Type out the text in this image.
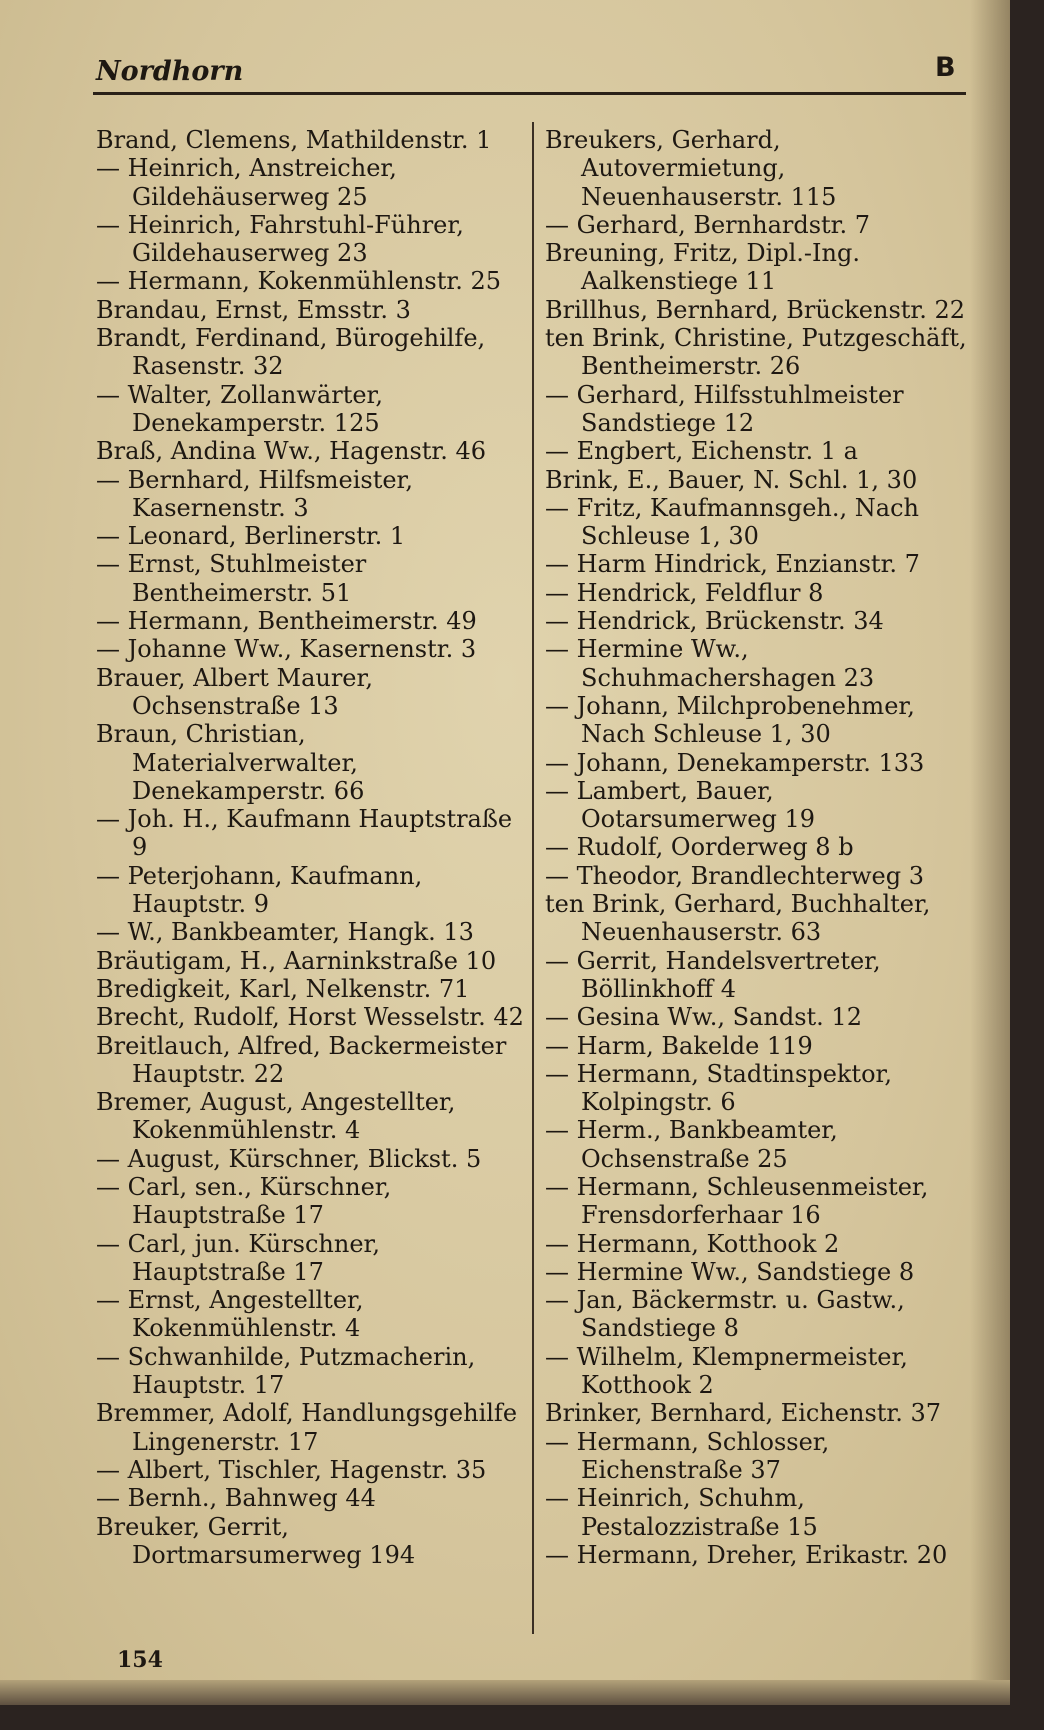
Nordhorn	B
Brand, Clemens, Mathildenstr. 1
— Heinrich, Anstreicher, Gildehäuserweg 25
— Heinrich, Fahrstuhl-Führer, Gildehauserweg 23
— Hermann, Kokenmühlenstr. 25
Brandau, Ernst, Emsstr. 3
Brandt, Ferdinand, Bürogehilfe, Rasenstr. 32
— Walter, Zollanwärter, Denekamperstr. 125
Braß, Andina Ww., Hagenstr. 46
— Bernhard, Hilfsmeister, Kasernenstr. 3
— Leonard, Berlinerstr. 1
— Ernst, Stuhlmeister Bentheimerstr. 51
— Hermann, Bentheimerstr. 49
— Johanne Ww., Kasernenstr. 3
Brauer, Albert Maurer, Ochsenstraße 13
Braun, Christian, Materialverwalter, Denekamperstr. 66
— Joh. H., Kaufmann Hauptstraße 9
— Peterjohann, Kaufmann, Hauptstr. 9
— W., Bankbeamter, Hangk. 13
Bräutigam, H., Aarninkstraße 10
Bredigkeit, Karl, Nelkenstr. 71
Brecht, Rudolf, Horst Wesselstr. 42
Breitlauch, Alfred, Backermeister Hauptstr. 22
Bremer, August, Angestellter, Kokenmühlenstr. 4
— August, Kürschner, Blickst. 5
— Carl, sen., Kürschner, Hauptstraße 17
— Carl, jun. Kürschner, Hauptstraße 17
— Ernst, Angestellter, Kokenmühlenstr. 4
— Schwanhilde, Putzmacherin, Hauptstr. 17
Bremmer, Adolf, Handlungsgehilfe Lingenerstr. 17
— Albert, Tischler, Hagenstr. 35
— Bernh., Bahnweg 44
Breuker, Gerrit, Dortmarsumerweg 194
Breukers, Gerhard, Autovermietung, Neuenhauserstr. 115
— Gerhard, Bernhardstr. 7
Breuning, Fritz, Dipl.-Ing. Aalkenstiege 11
Brillhus, Bernhard, Brückenstr. 22
ten Brink, Christine, Putzgeschäft, Bentheimerstr. 26
— Gerhard, Hilfsstuhlmeister Sandstiege 12
— Engbert, Eichenstr. 1 a
Brink, E., Bauer, N. Schl. 1, 30
— Fritz, Kaufmannsgeh., Nach Schleuse 1, 30
— Harm Hindrick, Enzianstr. 7
— Hendrick, Feldflur 8
— Hendrick, Brückenstr. 34
— Hermine Ww., Schuhmachershagen 23
— Johann, Milchprobenehmer, Nach Schleuse 1, 30
— Johann, Denekamperstr. 133
— Lambert, Bauer, Ootarsumerweg 19
— Rudolf, Oorderweg 8 b
— Theodor, Brandlechterweg 3
ten Brink, Gerhard, Buchhalter, Neuenhauserstr. 63
— Gerrit, Handelsvertreter, Böllinkhoff 4
— Gesina Ww., Sandst. 12
— Harm, Bakelde 119
— Hermann, Stadtinspektor, Kolpingstr. 6
— Herm., Bankbeamter, Ochsenstraße 25
— Hermann, Schleusenmeister, Frensdorferhaar 16
— Hermann, Kotthook 2
— Hermine Ww., Sandstiege 8
— Jan, Bäckermstr. u. Gastw., Sandstiege 8
— Wilhelm, Klempnermeister, Kotthook 2
Brinker, Bernhard, Eichenstr. 37
— Hermann, Schlosser, Eichenstraße 37
— Heinrich, Schuhm, Pestalozzistraße 15
— Hermann, Dreher, Erikastr. 20
154
